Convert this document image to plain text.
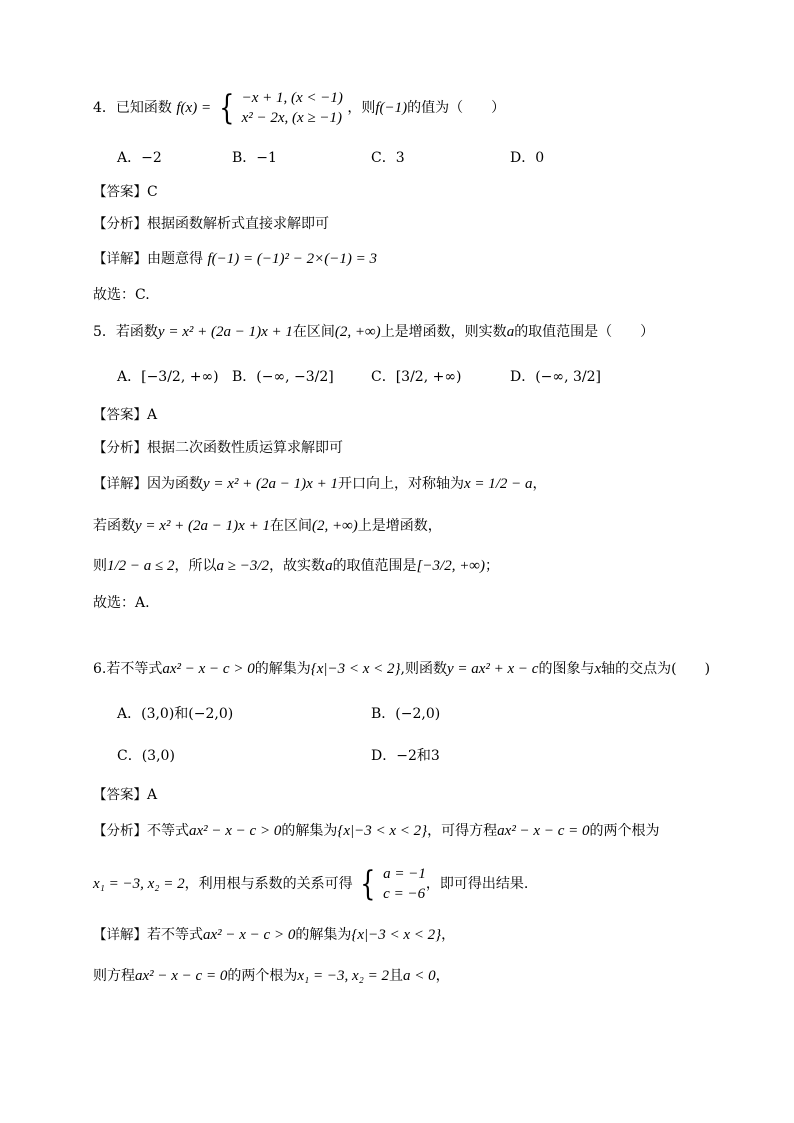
4．已知函数 f(x) = { −x + 1, (x < −1)
x² − 2x, (x ≥ −1)
，则f(−1)的值为（　　）
A．−2	B．−1	C．3	D．0
【答案】C
【分析】根据函数解析式直接求解即可
【详解】由题意得 f(−1) = (−1)² − 2×(−1) = 3
故选：C.
5．若函数y = x² + (2a − 1)x + 1在区间(2, +∞)上是增函数，则实数a的取值范围是（　　）
A．[−3/2, +∞) B．(−∞, −3/2]	C．[3/2, +∞)	D．(−∞, 3/2]
【答案】A
【分析】根据二次函数性质运算求解即可
【详解】因为函数y = x² + (2a − 1)x + 1开口向上，对称轴为x = 1/2 − a，
若函数y = x² + (2a − 1)x + 1在区间(2, +∞)上是增函数，
则1/2 − a ≤ 2，所以a ≥ −3/2，故实数a的取值范围是[−3/2, +∞)；
故选：A.
6.若不等式ax² − x − c > 0的解集为{x|−3 < x < 2},则函数y = ax² + x − c的图象与x轴的交点为(　　)
A．(3,0)和(−2,0)	B．(−2,0)
C．(3,0)	D．−2和3
【答案】A
【分析】不等式ax² − x − c > 0的解集为{x|−3 < x < 2}，可得方程ax² − x − c = 0的两个根为
x₁ = −3, x₂ = 2，利用根与系数的关系可得 { a = −1
c = −6
，即可得出结果.
【详解】若不等式ax² − x − c > 0的解集为{x|−3 < x < 2}，
则方程ax² − x − c = 0的两个根为x₁ = −3, x₂ = 2且a < 0，
